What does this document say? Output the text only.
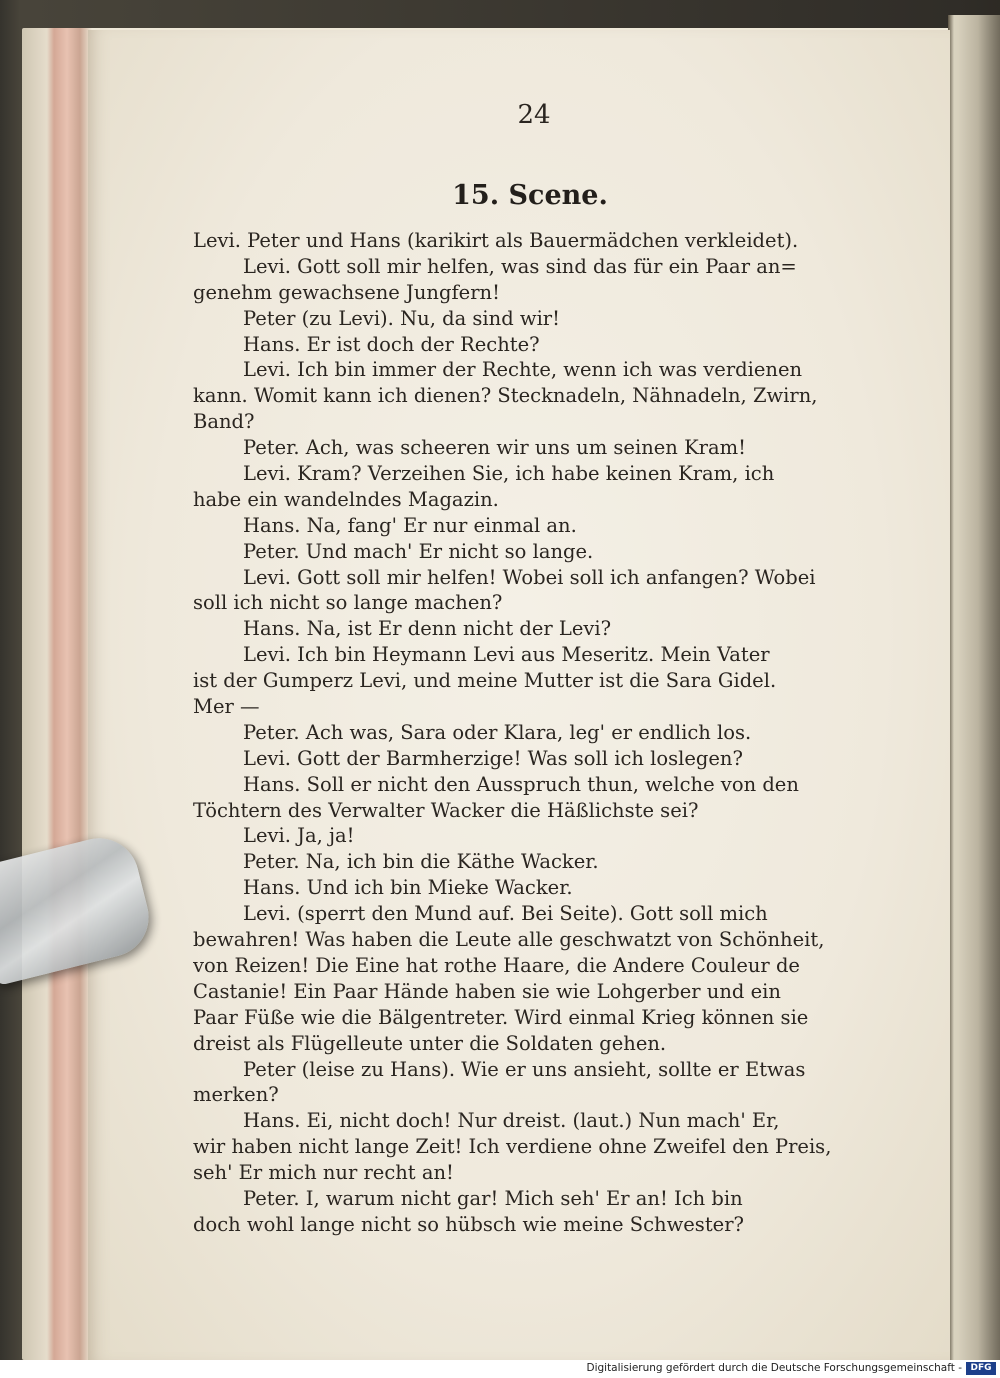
24
15. Scene.
Levi. Peter und Hans (karikirt als Bauermädchen verkleidet).
Levi. Gott soll mir helfen, was sind das für ein Paar an=
genehm gewachsene Jungfern!
Peter (zu Levi). Nu, da sind wir!
Hans. Er ist doch der Rechte?
Levi. Ich bin immer der Rechte, wenn ich was verdienen
kann. Womit kann ich dienen? Stecknadeln, Nähnadeln, Zwirn,
Band?
Peter. Ach, was scheeren wir uns um seinen Kram!
Levi. Kram? Verzeihen Sie, ich habe keinen Kram, ich
habe ein wandelndes Magazin.
Hans. Na, fang' Er nur einmal an.
Peter. Und mach' Er nicht so lange.
Levi. Gott soll mir helfen! Wobei soll ich anfangen? Wobei
soll ich nicht so lange machen?
Hans. Na, ist Er denn nicht der Levi?
Levi. Ich bin Heymann Levi aus Meseritz. Mein Vater
ist der Gumperz Levi, und meine Mutter ist die Sara Gidel.
Mer —
Peter. Ach was, Sara oder Klara, leg' er endlich los.
Levi. Gott der Barmherzige! Was soll ich loslegen?
Hans. Soll er nicht den Ausspruch thun, welche von den
Töchtern des Verwalter Wacker die Häßlichste sei?
Levi. Ja, ja!
Peter. Na, ich bin die Käthe Wacker.
Hans. Und ich bin Mieke Wacker.
Levi. (sperrt den Mund auf. Bei Seite). Gott soll mich
bewahren! Was haben die Leute alle geschwatzt von Schönheit,
von Reizen! Die Eine hat rothe Haare, die Andere Couleur de
Castanie! Ein Paar Hände haben sie wie Lohgerber und ein
Paar Füße wie die Bälgentreter. Wird einmal Krieg können sie
dreist als Flügelleute unter die Soldaten gehen.
Peter (leise zu Hans). Wie er uns ansieht, sollte er Etwas
merken?
Hans. Ei, nicht doch! Nur dreist. (laut.) Nun mach' Er,
wir haben nicht lange Zeit! Ich verdiene ohne Zweifel den Preis,
seh' Er mich nur recht an!
Peter. I, warum nicht gar! Mich seh' Er an! Ich bin
doch wohl lange nicht so hübsch wie meine Schwester?
Digitalisierung gefördert durch die Deutsche Forschungsgemeinschaft - DFG
